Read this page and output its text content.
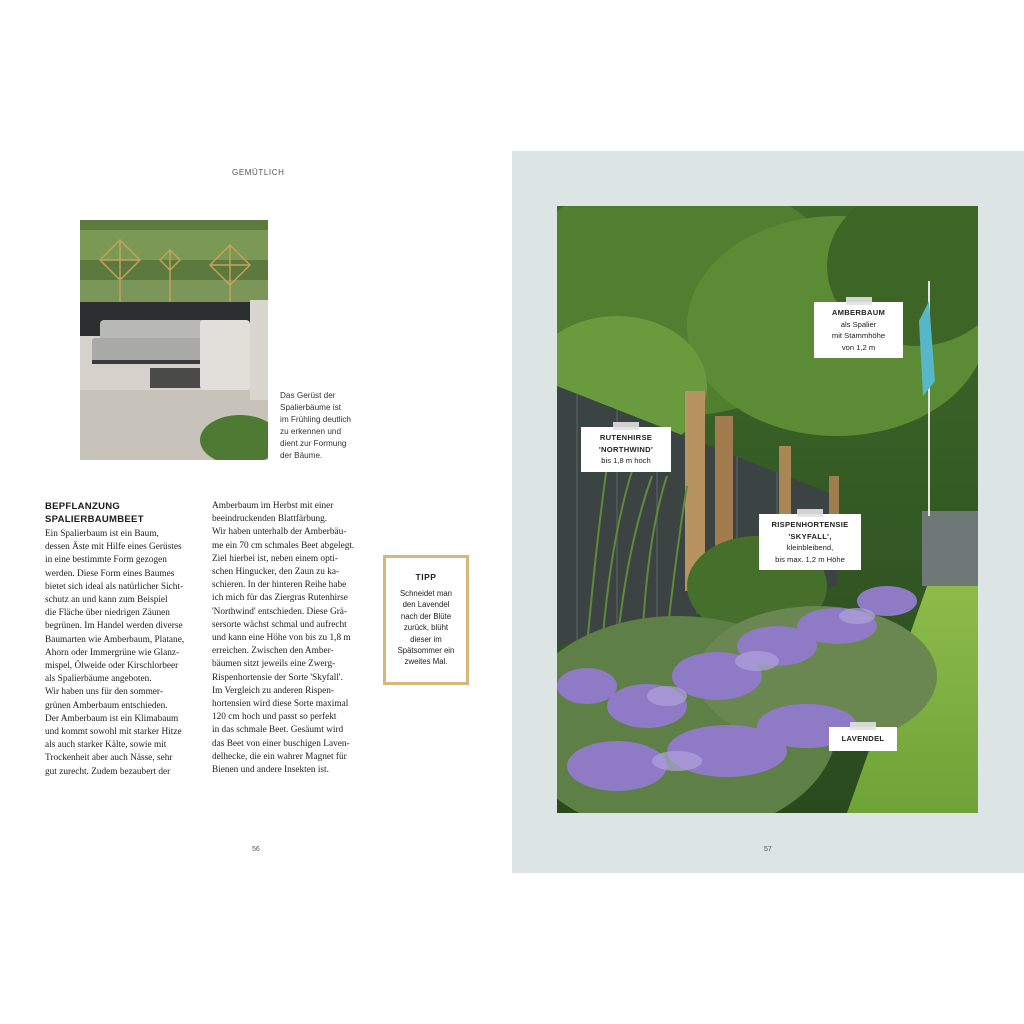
GEMÜTLICH
Das Gerüst der
Spalierbäume ist
im Frühling deutlich
zu erkennen und
dient zur Formung
der Bäume.
BEPFLANZUNG
SPALIERBAUMBEET
Ein Spalierbaum ist ein Baum,
dessen Äste mit Hilfe eines Gerüstes
in eine bestimmte Form gezogen
werden. Diese Form eines Baumes
bietet sich ideal als natürlicher Sicht-
schutz an und kann zum Beispiel
die Fläche über niedrigen Zäunen
begrünen. Im Handel werden diverse
Baumarten wie Amberbaum, Platane,
Ahorn oder Immergrüne wie Glanz-
mispel, Ölweide oder Kirschlorbeer
als Spalierbäume angeboten.
Wir haben uns für den sommer-
grünen Amberbaum entschieden.
Der Amberbaum ist ein Klimabaum
und kommt sowohl mit starker Hitze
als auch starker Kälte, sowie mit
Trockenheit aber auch Nässe, sehr
gut zurecht. Zudem bezaubert der
Amberbaum im Herbst mit einer
beeindruckenden Blattfärbung.
Wir haben unterhalb der Amberbäu-
me ein 70 cm schmales Beet abgelegt.
Ziel hierbei ist, neben einem opti-
schen Hingucker, den Zaun zu ka-
schieren. In der hinteren Reihe habe
ich mich für das Ziergras Rutenhirse
'Northwind' entschieden. Diese Grä-
sersorte wächst schmal und aufrecht
und kann eine Höhe von bis zu 1,8 m
erreichen. Zwischen den Amber-
bäumen sitzt jeweils eine Zwerg-
Rispenhortensie der Sorte 'Skyfall'.
Im Vergleich zu anderen Rispen-
hortensien wird diese Sorte maximal
120 cm hoch und passt so perfekt
in das schmale Beet. Gesäumt wird
das Beet von einer buschigen Laven-
delhecke, die ein wahrer Magnet für
Bienen und andere Insekten ist.
TIPP
Schneidet man
den Lavendel
nach der Blüte
zurück, blüht
dieser im
Spätsommer ein
zweites Mal.
56
AMBERBAUM
als Spalier
mit Stammhöhe
von 1,2 m
RUTENHIRSE
'NORTHWIND'
bis 1,8 m hoch
RISPENHORTENSIE
'SKYFALL',
kleinbleibend,
bis max. 1,2 m Höhe
LAVENDEL
57
